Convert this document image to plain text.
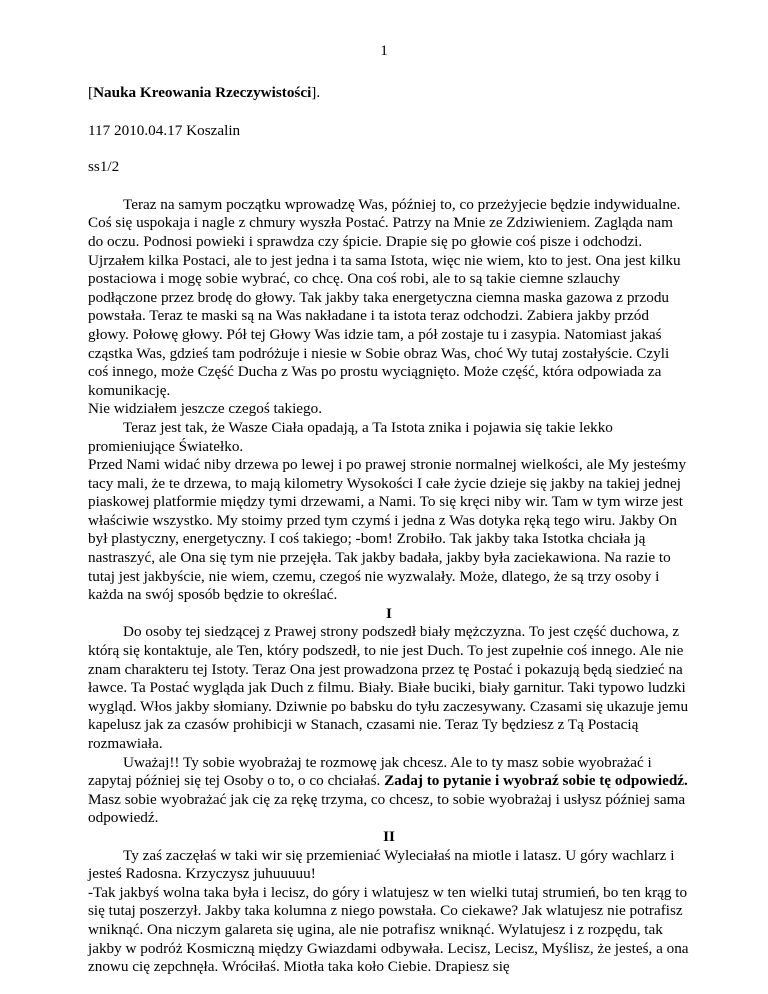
1

[Nauka Kreowania Rzeczywistości].

117 2010.04.17 Koszalin

ss1/2

Teraz na samym początku wprowadzę Was, później to, co przeżyjecie będzie indywidualne.

Coś się uspokaja i nagle z chmury wyszła Postać. Patrzy na Mnie ze Zdziwieniem. Zagląda nam do oczu. Podnosi powieki i sprawdza czy śpicie. Drapie się po głowie coś pisze i odchodzi.

Ujrzałem kilka Postaci, ale to jest jedna i ta sama Istota, więc nie wiem, kto to jest. Ona jest kilku postaciowa i mogę sobie wybrać, co chcę. Ona coś robi, ale to są takie ciemne szlauchy podłączone przez brodę do głowy. Tak jakby taka energetyczna ciemna maska gazowa z przodu powstała. Teraz te maski są na Was nakładane i ta istota teraz odchodzi. Zabiera jakby przód głowy. Połowę głowy. Pół tej Głowy Was idzie tam, a pół zostaje tu i zasypia. Natomiast jakaś cząstka Was, gdzieś tam podróżuje i niesie w Sobie obraz Was, choć Wy tutaj zostałyście. Czyli coś innego, może Część Ducha z Was po prostu wyciągnięto. Może część, która odpowiada za komunikację.

Nie widziałem jeszcze czegoś takiego.

Teraz jest tak, że Wasze Ciała opadają, a Ta Istota znika i pojawia się takie lekko promieniujące Światełko.

Przed Nami widać niby drzewa po lewej i po prawej stronie normalnej wielkości, ale My jesteśmy tacy mali, że te drzewa, to mają kilometry Wysokości I całe życie dzieje się jakby na takiej jednej piaskowej platformie między tymi drzewami, a Nami. To się kręci niby wir. Tam w tym wirze jest właściwie wszystko. My stoimy przed tym czymś i jedna z Was dotyka ręką tego wiru. Jakby On był plastyczny, energetyczny. I coś takiego; -bom! Zrobiło. Tak jakby taka Istotka chciała ją nastraszyć, ale Ona się tym nie przejęła. Tak jakby badała, jakby była zaciekawiona. Na razie to tutaj jest jakbyście, nie wiem, czemu, czegoś nie wyzwalały. Może, dlatego, że są trzy osoby i każda na swój sposób będzie to określać.

I

Do osoby tej siedzącej z Prawej strony podszedł biały mężczyzna. To jest część duchowa, z którą się kontaktuje, ale Ten, który podszedł, to nie jest Duch. To jest zupełnie coś innego. Ale nie znam charakteru tej Istoty. Teraz Ona jest prowadzona przez tę Postać i pokazują będą siedzieć na ławce. Ta Postać wygląda jak Duch z filmu. Biały. Białe buciki, biały garnitur. Taki typowo ludzki wygląd. Włos jakby słomiany. Dziwnie po babsku do tyłu zaczesywany. Czasami się ukazuje jemu kapelusz jak za czasów prohibicji w Stanach, czasami nie. Teraz Ty będziesz z Tą Postacią rozmawiała.

Uważaj!! Ty sobie wyobrażaj te rozmowę jak chcesz. Ale to ty masz sobie wyobrażać i zapytaj później się tej Osoby o to, o co chciałaś. Zadaj to pytanie i wyobraź sobie tę odpowiedź. Masz sobie wyobrażać jak cię za rękę trzyma, co chcesz, to sobie wyobrażaj i usłysz później sama odpowiedź.

II

Ty zaś zaczęłaś w taki wir się przemieniać Wyleciałaś na miotle i latasz. U góry wachlarz i jesteś Radosna. Krzyczysz juhuuuuu!

-Tak jakbyś wolna taka była i lecisz, do góry i wlatujesz w ten wielki tutaj strumień, bo ten krąg to się tutaj poszerzył. Jakby taka kolumna z niego powstała. Co ciekawe? Jak wlatujesz nie potrafisz wniknąć. Ona niczym galareta się ugina, ale nie potrafisz wniknąć. Wylatujesz i z rozpędu, tak jakby w podróż Kosmiczną między Gwiazdami odbywała. Lecisz, Lecisz, Myślisz, że jesteś, a ona znowu cię zepchnęła. Wróciłaś. Miotła taka koło Ciebie. Drapiesz się
